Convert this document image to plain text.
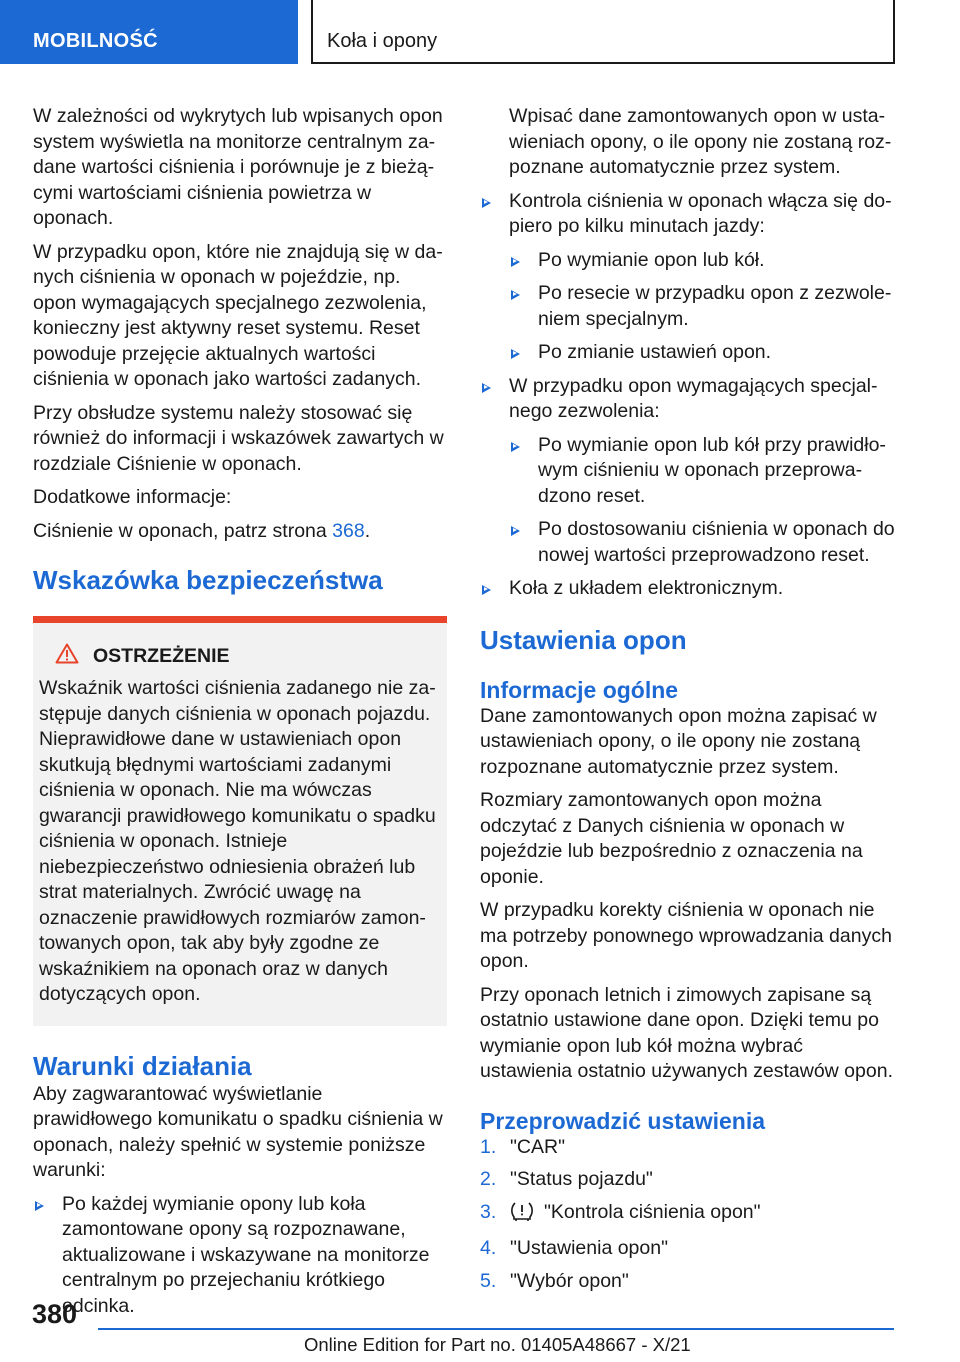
MOBILNOŚĆ	Koła i opony

W zależności od wykrytych lub wpisanych opon system wyświetla na monitorze centralnym zadane wartości ciśnienia i porównuje je z bieżącymi wartościami ciśnienia powietrza w oponach.

W przypadku opon, które nie znajdują się w danych ciśnienia w oponach w pojeździe, np. opon wymagających specjalnego zezwolenia, konieczny jest aktywny reset systemu. Reset powoduje przejęcie aktualnych wartości ciśnienia w oponach jako wartości zadanych.

Przy obsłudze systemu należy stosować się również do informacji i wskazówek zawartych w rozdziale Ciśnienie w oponach.

Dodatkowe informacje:

Ciśnienie w oponach, patrz strona 368.

Wskazówka bezpieczeństwa
OSTRZEŻENIE

Wskaźnik wartości ciśnienia zadanego nie zastępuje danych ciśnienia w oponach pojazdu. Nieprawidłowe dane w ustawieniach opon skutkują błędnymi wartościami zadanymi ciśnienia w oponach. Nie ma wówczas gwarancji prawidłowego komunikatu o spadku ciśnienia w oponach. Istnieje niebezpieczeństwo odniesienia obrażeń lub strat materialnych. Zwrócić uwagę na oznaczenie prawidłowych rozmiarów zamontowanych opon, tak aby były zgodne ze wskaźnikiem na oponach oraz w danych dotyczących opon.

Warunki działania

Aby zagwarantować wyświetlanie prawidłowego komunikatu o spadku ciśnienia w oponach, należy spełnić w systemie poniższe warunki:

Po każdej wymianie opony lub koła zamontowane opony są rozpoznawane, aktualizowane i wskazywane na monitorze centralnym po przejechaniu krótkiego odcinka.

Wpisać dane zamontowanych opon w ustawieniach opony, o ile opony nie zostaną rozpoznane automatycznie przez system.

Kontrola ciśnienia w oponach włącza się dopiero po kilku minutach jazdy:
Po wymianie opon lub kół.
Po resecie w przypadku opon z zezwoleniem specjalnym.
Po zmianie ustawień opon.
W przypadku opon wymagających specjalnego zezwolenia:
Po wymianie opon lub kół przy prawidłowym ciśnieniu w oponach przeprowadzono reset.
Po dostosowaniu ciśnienia w oponach do nowej wartości przeprowadzono reset.
Koła z układem elektronicznym.
Ustawienia opon
Informacje ogólne

Dane zamontowanych opon można zapisać w ustawieniach opony, o ile opony nie zostaną rozpoznane automatycznie przez system.

Rozmiary zamontowanych opon można odczytać z Danych ciśnienia w oponach w pojeździe lub bezpośrednio z oznaczenia na oponie.

W przypadku korekty ciśnienia w oponach nie ma potrzeby ponownego wprowadzania danych opon.

Przy oponach letnich i zimowych zapisane są ostatnio ustawione dane opon. Dzięki temu po wymianie opon lub kół można wybrać ustawienia ostatnio używanych zestawów opon.

Przeprowadzić ustawienia
1. "CAR"
2. "Status pojazdu"
3. "Kontrola ciśnienia opon"
4. "Ustawienia opon"
5. "Wybór opon"
380
Online Edition for Part no. 01405A48667 - X/21
